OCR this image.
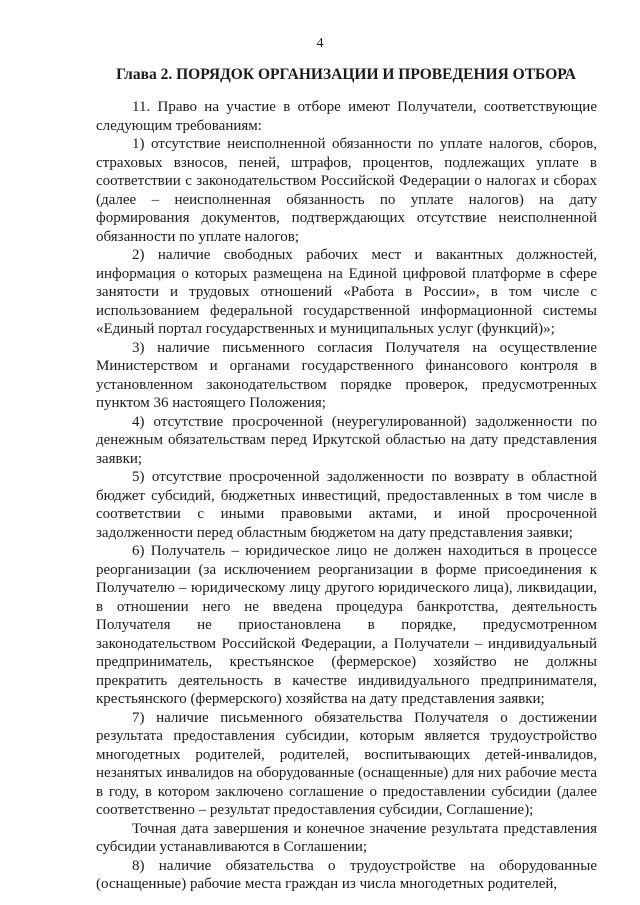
4
Глава 2. ПОРЯДОК ОРГАНИЗАЦИИ И ПРОВЕДЕНИЯ ОТБОРА

11. Право на участие в отборе имеют Получатели, соответствующие следующим требованиям:

1) отсутствие неисполненной обязанности по уплате налогов, сборов, страховых взносов, пеней, штрафов, процентов, подлежащих уплате в соответствии с законодательством Российской Федерации о налогах и сборах (далее – неисполненная обязанность по уплате налогов) на дату формирования документов, подтверждающих отсутствие неисполненной обязанности по уплате налогов;

2) наличие свободных рабочих мест и вакантных должностей, информация о которых размещена на Единой цифровой платформе в сфере занятости и трудовых отношений «Работа в России», в том числе с использованием федеральной государственной информационной системы «Единый портал государственных и муниципальных услуг (функций)»;

3) наличие письменного согласия Получателя на осуществление Министерством и органами государственного финансового контроля в установленном законодательством порядке проверок, предусмотренных пунктом 36 настоящего Положения;

4) отсутствие просроченной (неурегулированной) задолженности по денежным обязательствам перед Иркутской областью на дату представления заявки;

5) отсутствие просроченной задолженности по возврату в областной бюджет субсидий, бюджетных инвестиций, предоставленных в том числе в соответствии с иными правовыми актами, и иной просроченной задолженности перед областным бюджетом на дату представления заявки;

6) Получатель – юридическое лицо не должен находиться в процессе реорганизации (за исключением реорганизации в форме присоединения к Получателю – юридическому лицу другого юридического лица), ликвидации, в отношении него не введена процедура банкротства, деятельность Получателя не приостановлена в порядке, предусмотренном законодательством Российской Федерации, а Получатели – индивидуальный предприниматель, крестьянское (фермерское) хозяйство не должны прекратить деятельность в качестве индивидуального предпринимателя, крестьянского (фермерского) хозяйства на дату представления заявки;

7) наличие письменного обязательства Получателя о достижении результата предоставления субсидии, которым является трудоустройство многодетных родителей, родителей, воспитывающих детей-инвалидов, незанятых инвалидов на оборудованные (оснащенные) для них рабочие места в году, в котором заключено соглашение о предоставлении субсидии (далее соответственно – результат предоставления субсидии, Соглашение);

Точная дата завершения и конечное значение результата представления субсидии устанавливаются в Соглашении;

8) наличие обязательства о трудоустройстве на оборудованные (оснащенные) рабочие места граждан из числа многодетных родителей,
